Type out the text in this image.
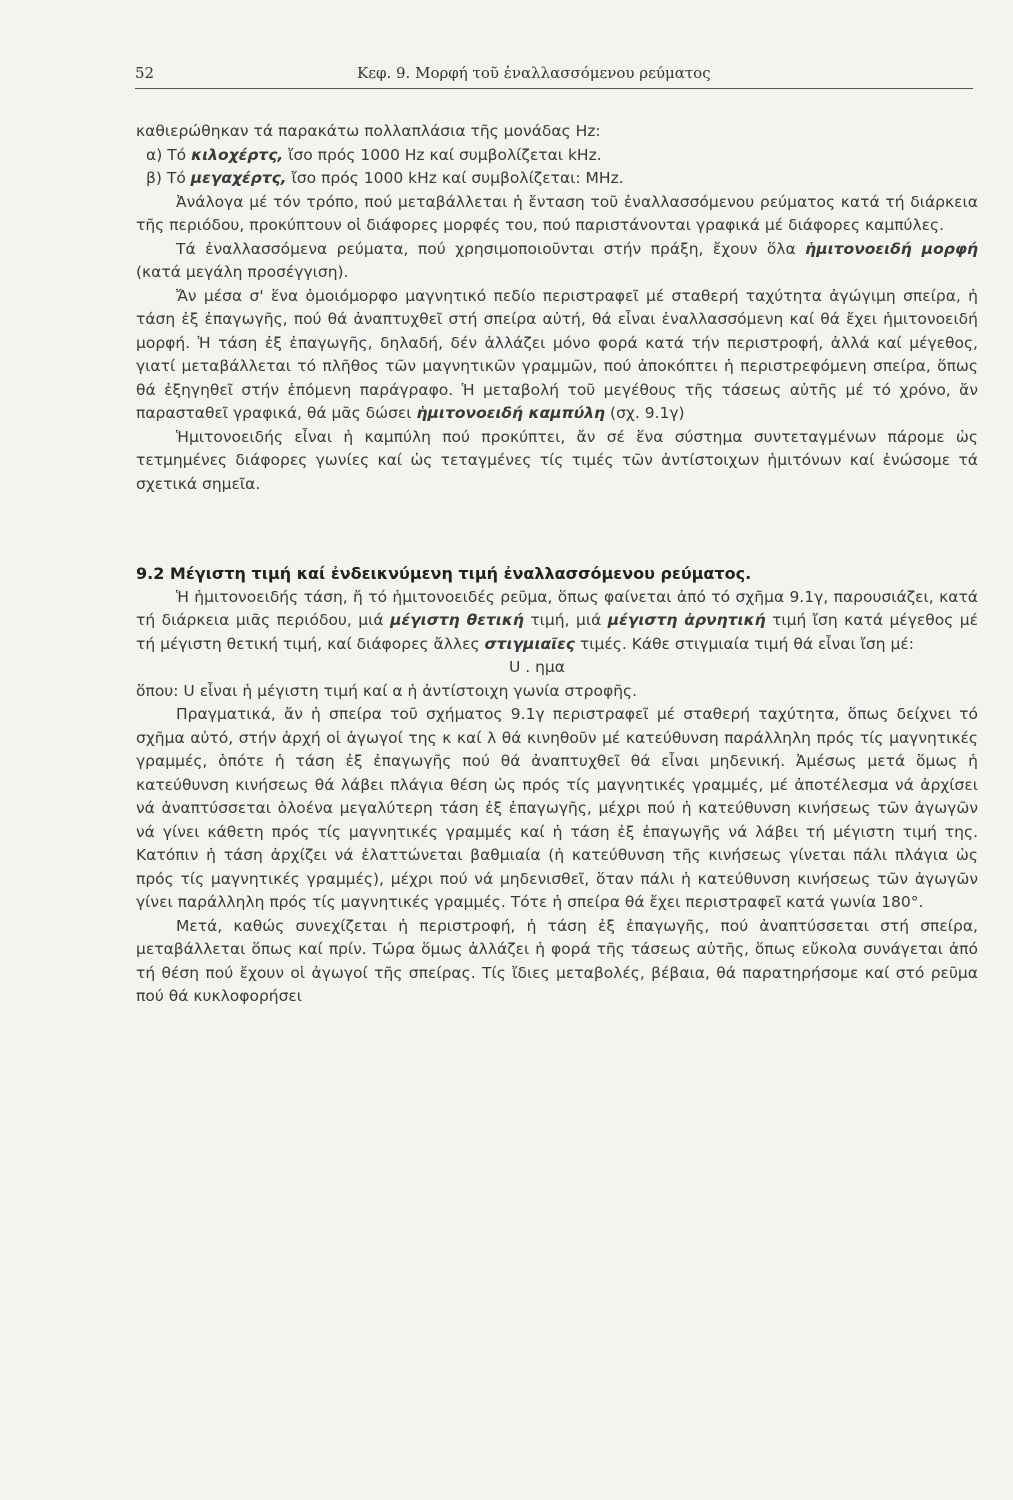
52	Κεφ. 9. Μορφή τοῦ ἐναλλασσόμενου ρεύματος

καθιερώθηκαν τά παρακάτω πολλαπλάσια τῆς μονάδας Hz:

α) Τό κιλοχέρτς, ἴσο πρός 1000 Hz καί συμβολίζεται kHz.

β) Τό μεγαχέρτς, ἴσο πρός 1000 kHz καί συμβολίζεται: MHz.

Ἀνάλογα μέ τόν τρόπο, πού μεταβάλλεται ἡ ἔνταση τοῦ ἐναλλασσόμενου ρεύματος κατά τή διάρκεια τῆς περιόδου, προκύπτουν οἱ διάφορες μορφές του, πού παριστάνονται γραφικά μέ διάφορες καμπύλες.

Τά ἐναλλασσόμενα ρεύματα, πού χρησιμοποιοῦνται στήν πράξη, ἔχουν ὅλα ἡμιτονοειδή μορφή (κατά μεγάλη προσέγγιση).

Ἄν μέσα σ' ἕνα ὁμοιόμορφο μαγνητικό πεδίο περιστραφεῖ μέ σταθερή ταχύτητα ἀγώγιμη σπείρα, ἡ τάση ἐξ ἐπαγωγῆς, πού θά ἀναπτυχθεῖ στή σπείρα αὐτή, θά εἶναι ἐναλλασσόμενη καί θά ἔχει ἡμιτονοειδή μορφή. Ἡ τάση ἐξ ἐπαγωγῆς, δηλαδή, δέν ἀλλάζει μόνο φορά κατά τήν περιστροφή, ἀλλά καί μέγεθος, γιατί μεταβάλλεται τό πλῆθος τῶν μαγνητικῶν γραμμῶν, πού ἀποκόπτει ἡ περιστρεφόμενη σπείρα, ὅπως θά ἐξηγηθεῖ στήν ἑπόμενη παράγραφο. Ἡ μεταβολή τοῦ μεγέθους τῆς τάσεως αὐτῆς μέ τό χρόνο, ἄν παρασταθεῖ γραφικά, θά μᾶς δώσει ἡμιτονοειδή καμπύλη (σχ. 9.1γ)

Ἡμιτονοειδής εἶναι ἡ καμπύλη πού προκύπτει, ἄν σέ ἕνα σύστημα συντεταγμένων πάρομε ὡς τετμημένες διάφορες γωνίες καί ὡς τεταγμένες τίς τιμές τῶν ἀντίστοιχων ἡμιτόνων καί ἑνώσομε τά σχετικά σημεῖα.

9.2 Μέγιστη τιμή καί ἐνδεικνύμενη τιμή ἐναλλασσόμενου ρεύματος.

Ἡ ἡμιτονοειδής τάση, ἤ τό ἡμιτονοειδές ρεῦμα, ὅπως φαίνεται ἀπό τό σχῆμα 9.1γ, παρουσιάζει, κατά τή διάρκεια μιᾶς περιόδου, μιά μέγιστη θετική τιμή, μιά μέγιστη ἀρνητική τιμή ἴση κατά μέγεθος μέ τή μέγιστη θετική τιμή, καί διάφορες ἄλλες στιγμιαῖες τιμές. Κάθε στιγμιαία τιμή θά εἶναι ἴση μέ:

U . ημα

ὅπου: U εἶναι ἡ μέγιστη τιμή καί α ἡ ἀντίστοιχη γωνία στροφῆς.

Πραγματικά, ἄν ἡ σπείρα τοῦ σχήματος 9.1γ περιστραφεῖ μέ σταθερή ταχύτητα, ὅπως δείχνει τό σχῆμα αὐτό, στήν ἀρχή οἱ ἀγωγοί της κ καί λ θά κινηθοῦν μέ κατεύθυνση παράλληλη πρός τίς μαγνητικές γραμμές, ὁπότε ἡ τάση ἐξ ἐπαγωγῆς πού θά ἀναπτυχθεῖ θά εἶναι μηδενική. Ἀμέσως μετά ὅμως ἡ κατεύθυνση κινήσεως θά λάβει πλάγια θέση ὡς πρός τίς μαγνητικές γραμμές, μέ ἀποτέλεσμα νά ἀρχίσει νά ἀναπτύσσεται ὁλοένα μεγαλύτερη τάση ἐξ ἐπαγωγῆς, μέχρι πού ἡ κατεύθυνση κινήσεως τῶν ἀγωγῶν νά γίνει κάθετη πρός τίς μαγνητικές γραμμές καί ἡ τάση ἐξ ἐπαγωγῆς νά λάβει τή μέγιστη τιμή της. Κατόπιν ἡ τάση ἀρχίζει νά ἐλαττώνεται βαθμιαία (ἡ κατεύθυνση τῆς κινήσεως γίνεται πάλι πλάγια ὡς πρός τίς μαγνητικές γραμμές), μέχρι πού νά μηδενισθεῖ, ὅταν πάλι ἡ κατεύθυνση κινήσεως τῶν ἀγωγῶν γίνει παράλληλη πρός τίς μαγνητικές γραμμές. Τότε ἡ σπείρα θά ἔχει περιστραφεῖ κατά γωνία 180°.

Μετά, καθώς συνεχίζεται ἡ περιστροφή, ἡ τάση ἐξ ἐπαγωγῆς, πού ἀναπτύσσεται στή σπείρα, μεταβάλλεται ὅπως καί πρίν. Τώρα ὅμως ἀλλάζει ἡ φορά τῆς τάσεως αὐτῆς, ὅπως εὔκολα συνάγεται ἀπό τή θέση πού ἔχουν οἱ ἀγωγοί τῆς σπείρας. Τίς ἴδιες μεταβολές, βέβαια, θά παρατηρήσομε καί στό ρεῦμα πού θά κυκλοφορήσει
